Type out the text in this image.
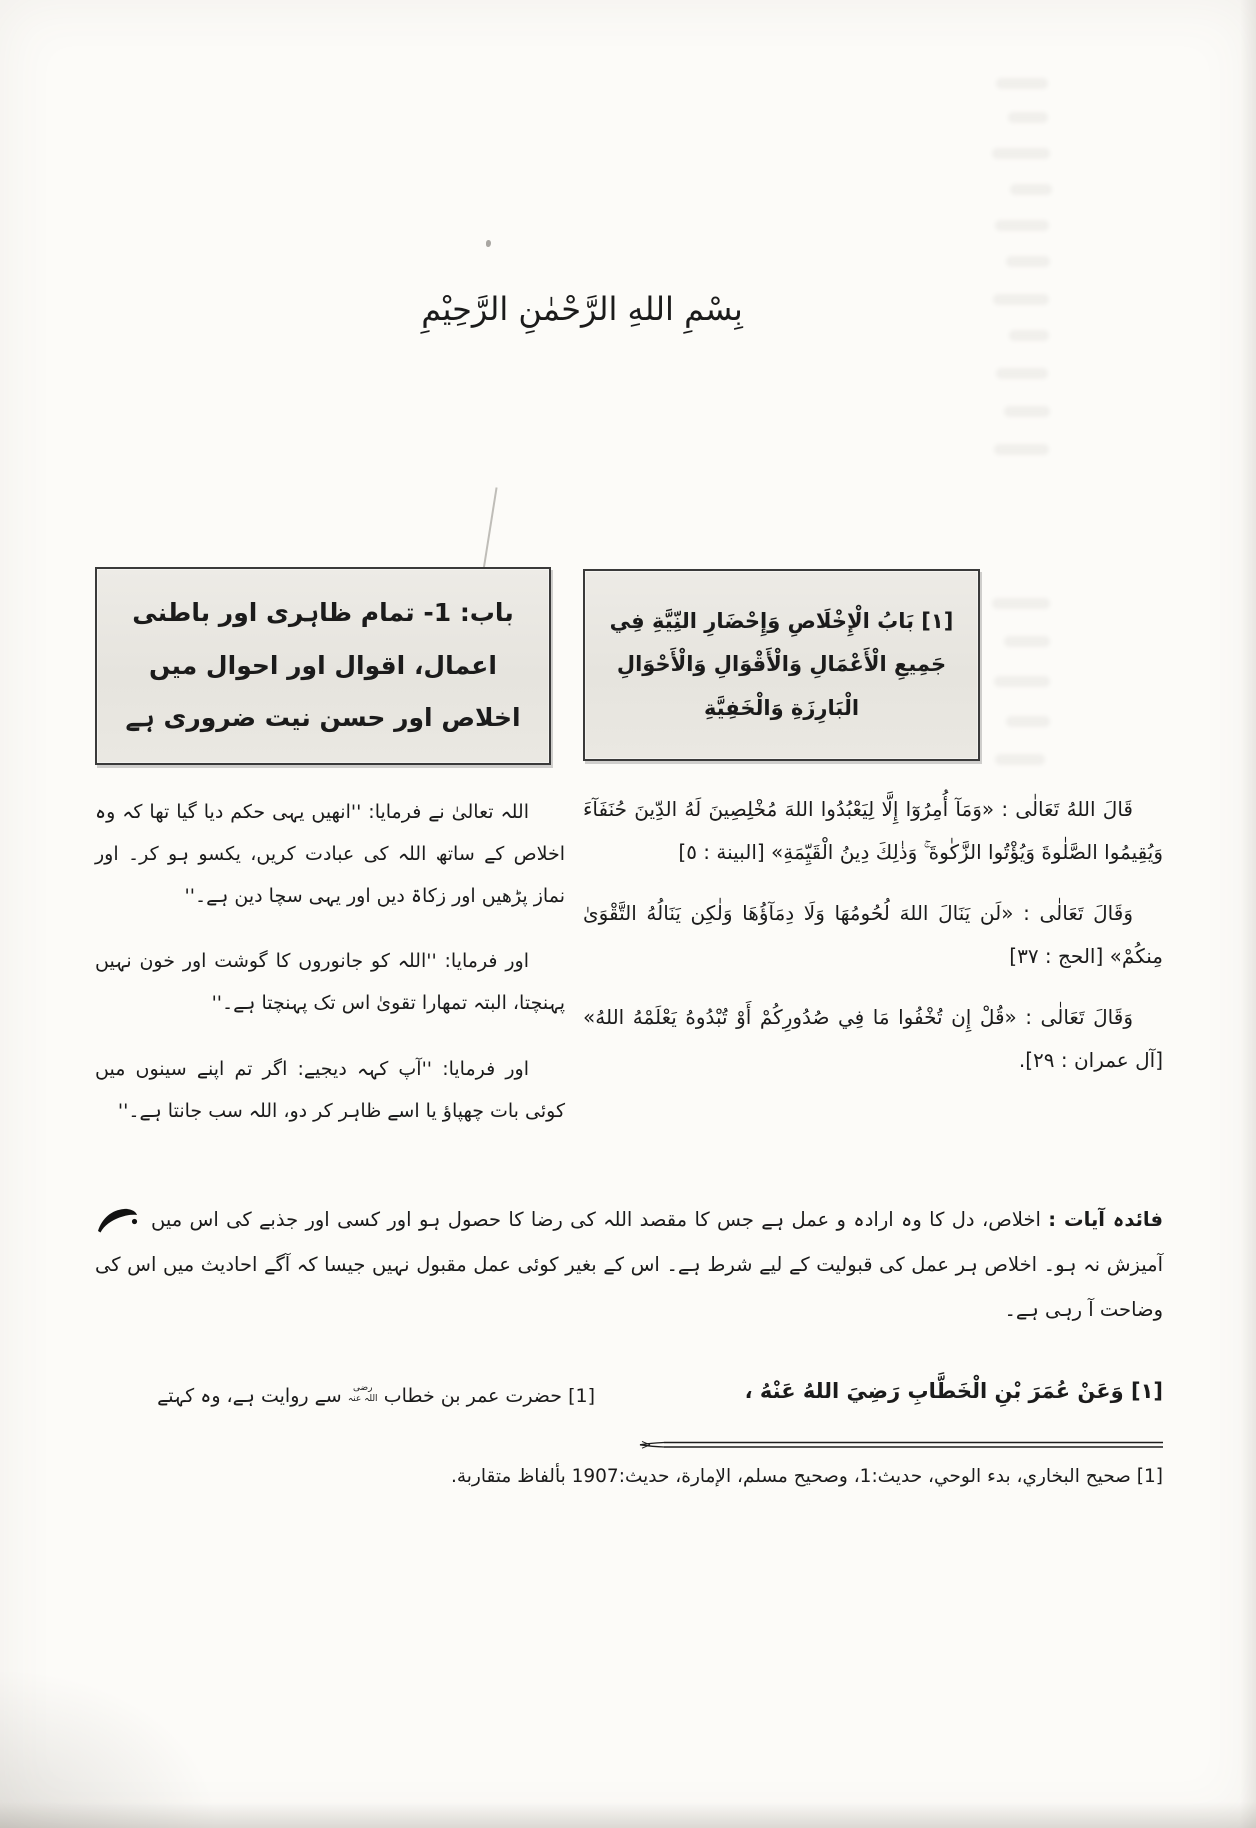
بِسْمِ اللهِ الرَّحْمٰنِ الرَّحِيْمِ
[١] بَابُ الْإِخْلَاصِ وَإِحْضَارِ النِّيَّةِ فِي جَمِيعِ الْأَعْمَالِ وَالْأَقْوَالِ وَالْأَحْوَالِ الْبَارِزَةِ وَالْخَفِيَّةِ
باب: 1- تمام ظاہری اور باطنی اعمال، اقوال اور احوال میں اخلاص اور حسن نیت ضروری ہے

قَالَ اللهُ تَعَالٰى : «وَمَآ أُمِرُوٓا إِلَّا لِيَعْبُدُوا اللهَ مُخْلِصِينَ لَهُ الدِّينَ حُنَفَآءَ وَيُقِيمُوا الصَّلٰوةَ وَيُؤْتُوا الزَّكٰوةَ ۚ وَذٰلِكَ دِينُ الْقَيِّمَةِ» [البينة : ٥]

وَقَالَ تَعَالٰى : «لَن يَنَالَ اللهَ لُحُومُهَا وَلَا دِمَآؤُهَا وَلٰكِن يَنَالُهُ التَّقْوَىٰ مِنكُمْ» [الحج : ٣٧]

وَقَالَ تَعَالٰى : «قُلْ إِن تُخْفُوا مَا فِي صُدُورِكُمْ أَوْ تُبْدُوهُ يَعْلَمْهُ اللهُ» [آل عمران : ٢٩].

اللہ تعالیٰ نے فرمایا: ''انھیں یہی حکم دیا گیا تھا کہ وہ اخلاص کے ساتھ اللہ کی عبادت کریں، یکسو ہو کر۔ اور نماز پڑھیں اور زکاۃ دیں اور یہی سچا دین ہے۔''

اور فرمایا: ''اللہ کو جانوروں کا گوشت اور خون نہیں پہنچتا، البتہ تمھارا تقویٰ اس تک پہنچتا ہے۔''

اور فرمایا: ''آپ کہہ دیجیے: اگر تم اپنے سینوں میں کوئی بات چھپاؤ یا اسے ظاہر کر دو، اللہ سب جانتا ہے۔''

فائدہ آیات : اخلاص، دل کا وہ ارادہ و عمل ہے جس کا مقصد اللہ کی رضا کا حصول ہو اور کسی اور جذبے کی اس میں آمیزش نہ ہو۔ اخلاص ہر عمل کی قبولیت کے لیے شرط ہے۔ اس کے بغیر کوئی عمل مقبول نہیں جیسا کہ آگے احادیث میں اس کی وضاحت آ رہی ہے۔
[١] وَعَنْ عُمَرَ بْنِ الْخَطَّابِ رَضِيَ اللهُ عَنْهُ ،
[1] حضرت عمر بن خطاب رضی اللہ عنہ سے روایت ہے، وہ کہتے
[1] صحيح البخاري، بدء الوحي، حديث:1، وصحيح مسلم، الإمارة، حديث:1907 بألفاظ متقاربة.
